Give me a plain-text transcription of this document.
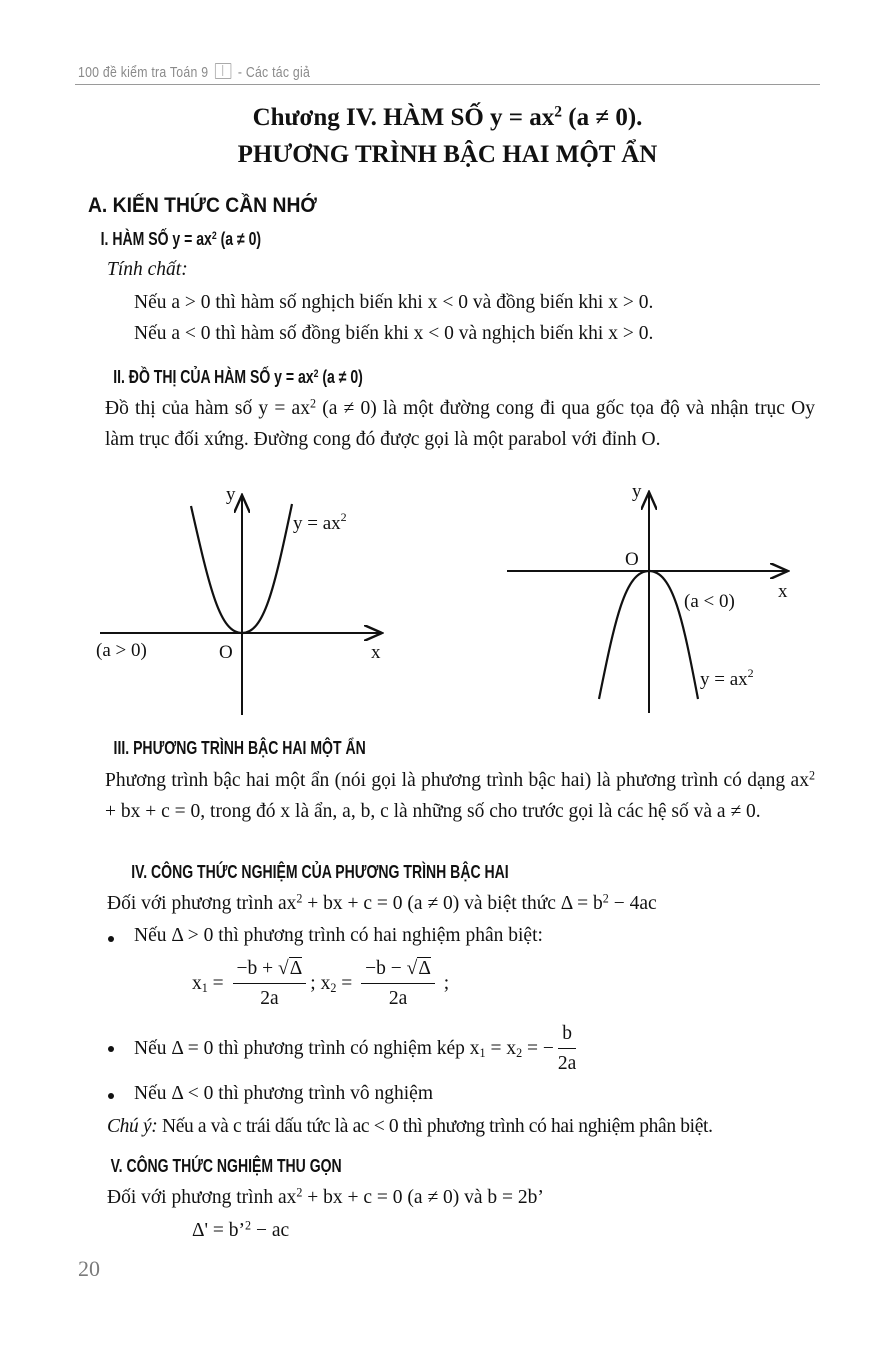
100 đề kiểm tra Toán 9 - Các tác giả
Chương IV. HÀM SỐ $y = ax^2$ (a ≠ 0).
PHƯƠNG TRÌNH BẬC HAI MỘT ẨN
A. KIẾN THỨC CẦN NHỚ
I. HÀM SỐ $y = ax^2$ (a ≠ 0)
Tính chất:
Nếu a > 0 thì hàm số nghịch biến khi x < 0 và đồng biến khi x > 0.
Nếu a < 0 thì hàm số đồng biến khi x < 0 và nghịch biến khi x > 0.
II. ĐỒ THỊ CỦA HÀM SỐ $y = ax^2$ (a ≠ 0)
Đồ thị của hàm số $y = ax^2$ (a ≠ 0) là một đường cong đi qua gốc tọa độ và nhận trục Oy làm trục đối xứng. Đường cong đó được gọi là một parabol với đỉnh O.
y
x
O
(a > 0)
$y = ax^2$
y
x
O
(a < 0)
$y = ax^2$
III. PHƯƠNG TRÌNH BẬC HAI MỘT ẨN
Phương trình bậc hai một ẩn (nói gọi là phương trình bậc hai) là phương trình có dạng $ax^2$ + bx + c = 0, trong đó x là ẩn, a, b, c là những số cho trước gọi là các hệ số và a ≠ 0.
IV. CÔNG THỨC NGHIỆM CỦA PHƯƠNG TRÌNH BẬC HAI
Đối với phương trình $ax^2$ + bx + c = 0 (a ≠ 0) và biệt thức $\Delta = b^2 - 4ac$
Nếu Δ > 0 thì phương trình có hai nghiệm phân biệt:
$x_1 = \frac{-b + √\Delta}{2a}$ ; $x_2 = \frac{-b - √\Delta}{2a}$ ;
Nếu Δ = 0 thì phương trình có nghiệm kép $x_1 = x_2$ = − $\frac{b}{2a}$
Nếu Δ < 0 thì phương trình vô nghiệm
Chú ý: Nếu a và c trái dấu tức là ac < 0 thì phương trình có hai nghiệm phân biệt.
V. CÔNG THỨC NGHIỆM THU GỌN
Đối với phương trình $ax^2$ + bx + c = 0 (a ≠ 0) và b = 2b’
Δ' = b’$^2$ − ac
20
